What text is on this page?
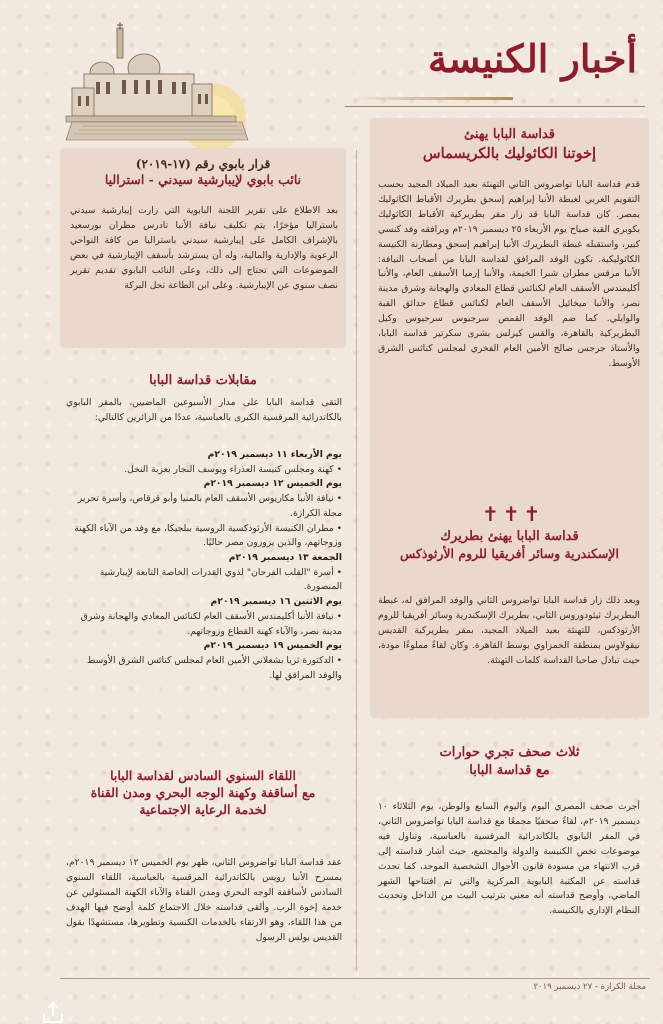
أخبار الكنيسة
قداسة البابا يهنئ
إخوتنا الكاثوليك بالكريسماس
قدم قداسة البابا تواضروس الثاني التهنئة بعيد الميلاد المجيد بحسب التقويم الغربي لغبطة الأنبا إبراهيم إسحق بطريرك الأقباط الكاثوليك بمصر. كان قداسة البابا قد زار مقر بطريركية الأقباط الكاثوليك بكوبري القبة صباح يوم الأربعاء ٢٥ ديسمبر ٢٠١٩م ويرافقه وفد كنسي كبير، واستقبله غبطة البطريرك الأنبا إبراهيم إسحق ومطارنة الكنيسة الكاثوليكية. تكون الوفد المرافق لقداسة البابا من أصحاب النيافة: الأنبا مرقس مطران شبرا الخيمة، والأنبا إرميا الأسقف العام، والأنبا أكليمندس الأسقف العام لكنائس قطاع المعادي والهجانة وشرق مدينة نصر، والأنبا ميخائيل الأسقف العام لكنائس قطاع حدائق القبة والوايلي. كما ضم الوفد القمص سرجيوس سرجيوس وكيل البطريركية بالقاهرة، والقس كيرلس بشرى سكرتير قداسة البابا، والأستاذ جرجس صالح الأمين العام الفخري لمجلس كنائس الشرق الأوسط.
✝✝✝
قداسة البابا يهنئ بطريرك
الإسكندرية وسائر أفريقيا للروم الأرثوذكس
وبعد ذلك زار قداسة البابا تواضروس الثاني والوفد المرافق له، غبطة البطريرك ثيئودوروس الثاني، بطريرك الإسكندرية وسائر أفريقيا للروم الأرثوذكس، للتهنئة بعيد الميلاد المجيد، بمقر بطريركية القديس نيقولاوس بمنطقة الحمزاوي بوسط القاهرة. وكان لقاءً مملوءًا مودة، حيث تبادل صاحبا القداسة كلمات التهنئة.
ثلاث صحف تجري حوارات
مع قداسة البابا
أجرت صحف المصري اليوم واليوم السابع والوطن، يوم الثلاثاء ١٠ ديسمبر ٢٠١٩م، لقاءً صحفيًا مجمعًا مع قداسة البابا تواضروس الثاني، في المقر البابوي بالكاتدرائية المرقسية بالعباسية، وتناول فيه موضوعات تخص الكنيسة والدولة والمجتمع، حيث أشار قداسته إلى قرب الانتهاء من مسودة قانون الأحوال الشخصية الموحد، كما تحدث قداسته عن المكتبة البابوية المركزية والتي تم افتتاحها الشهر الماضي، وأوضح قداسته أنه معني بترتيب البيت من الداخل وتحديث النظام الإداري بالكنيسة.
قرار بابوي رقم (١٧-٢٠١٩)
نائب بابوي لإيبارشية سيدني - استراليا
بعد الاطلاع على تقرير اللجنة البابوية التي زارت إيبارشية سيدني باستراليا مؤخرًا، يتم تكليف نيافة الأنبا تادرس مطران بورسعيد بالإشراف الكامل على إيبارشية سيدني باستراليا من كافة النواحي الرعوية والإدارية والمالية، وله أن يسترشد بأسقف الإيبارشية في بعض الموضوعات التي تحتاج إلى ذلك، وعلى النائب البابوي تقديم تقرير نصف سنوي عن الإيبارشية. وعلى ابن الطاعة تحل البركة
مقابلات قداسة البابا
التقى قداسة البابا على مدار الأسبوعين الماضيين، بالمقر البابوي بالكاتدرائية المرقسية الكبرى بالعباسية، عددًا من الزائرين كالتالي:
يوم الأربعاء ١١ ديسمبر ٢٠١٩م
• كهنة ومجلس كنيسة العذراء ويوسف النجار بعزبة النخل.
يوم الخميس ١٢ ديسمبر ٢٠١٩م
• نيافة الأنبا مكاريوس الأسقف العام بالمنيا وأبو قرقاص، وأسرة تحرير مجلة الكرازة.
• مطران الكنيسة الأرثوذكسية الروسية ببلجيكا، مع وفد من الآباء الكهنة وزوجاتهم، والذين يزورون مصر حاليًا.
الجمعة ١٣ ديسمبر ٢٠١٩م
• أسرة "القلب الفرحان" لذوي القدرات الخاصة التابعة لإيبارشية المنصورة.
يوم الاثنين ١٦ ديسمبر ٢٠١٩م
• نيافة الأنبا أكليمندس الأسقف العام لكنائس المعادي والهجانة وشرق مدينة نصر، والآباء كهنة القطاع وزوجاتهم.
يوم الخميس ١٩ ديسمبر ٢٠١٩م
• الدكتورة ثريا بشعلاني الأمين العام لمجلس كنائس الشرق الأوسط والوفد المرافق لها.
اللقاء السنوي السادس لقداسة البابا
مع أساقفة وكهنة الوجه البحري ومدن القناة
لخدمة الرعاية الاجتماعية
عقد قداسة البابا تواضروس الثاني، ظهر يوم الخميس ١٢ ديسمبر ٢٠١٩م، بمسرح الأنبا رويس بالكاتدرائية المرقسية بالعباسية، اللقاء السنوي السادس لأساقفة الوجه البحري ومدن القناة والآباء الكهنة المسئولين عن خدمة إخوة الرب. وألقى قداسته خلال الاجتماع كلمة أوضح فيها الهدف من هذا اللقاء، وهو الارتقاء بالخدمات الكنسية وتطويرها، مستشهدًا بقول القديس بولس الرسول
مجلة الكرازة - ٢٧ ديسمبر ٢٠١٩
